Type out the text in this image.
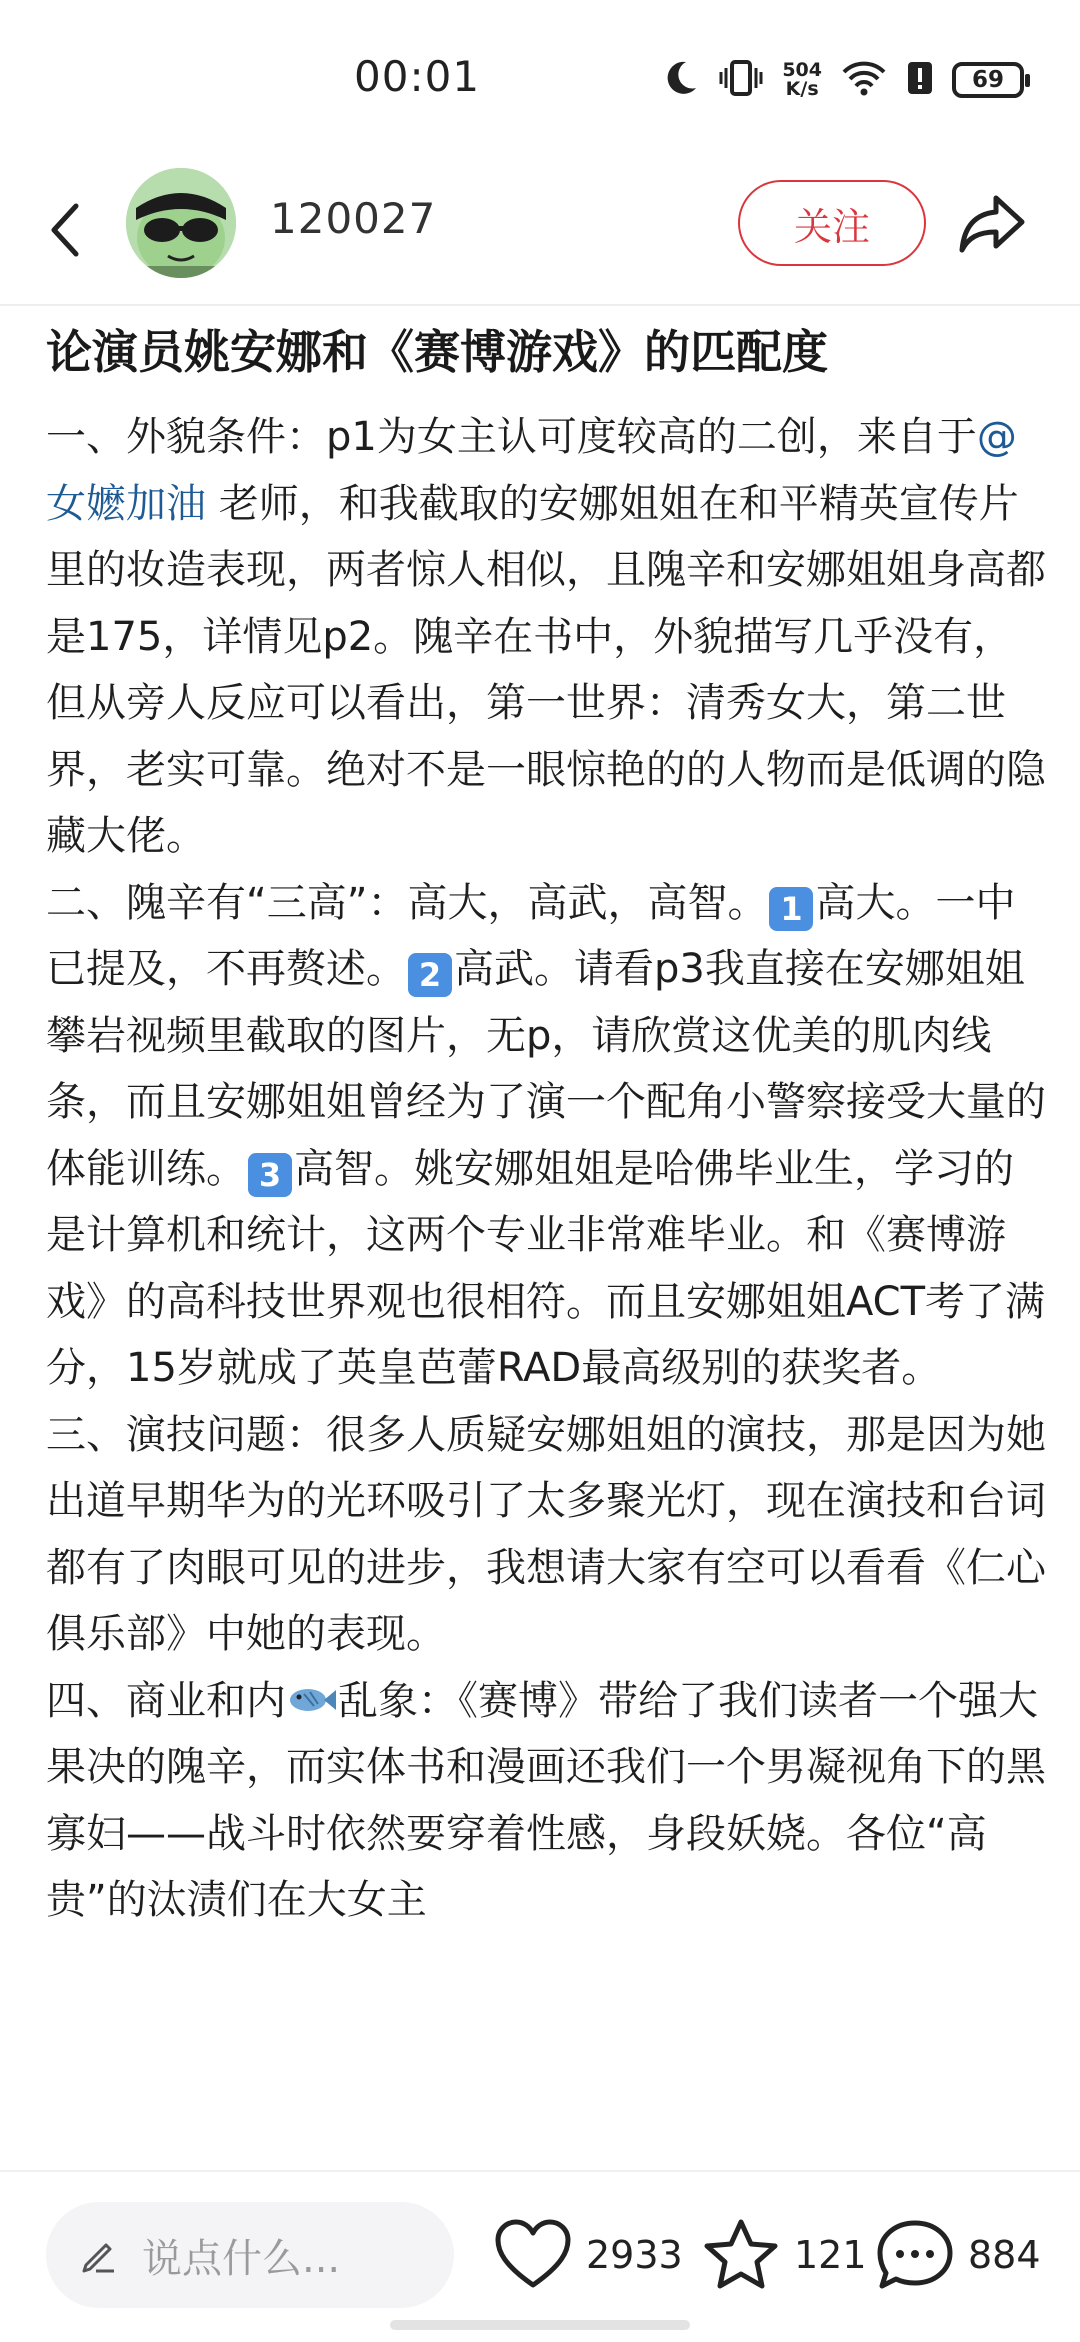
00:01	504
K/s	69
120027	关注
论演员姚安娜和《赛博游戏》的匹配度

一、外貌条件：p1为女主认可度较高的二创，来自于@女嬷加油 老师，和我截取的安娜姐姐在和平精英宣传片里的妆造表现，两者惊人相似，且隗辛和安娜姐姐身高都是175，详情见p2。隗辛在书中，外貌描写几乎没有，但从旁人反应可以看出，第一世界：清秀女大，第二世界，老实可靠。绝对不是一眼惊艳的的人物而是低调的隐藏大佬。

二、隗辛有“三高”：高大，高武，高智。 1 高大。一中已提及，不再赘述。 2 高武。请看p3我直接在安娜姐姐攀岩视频里截取的图片，无p，请欣赏这优美的肌肉线条，而且安娜姐姐曾经为了演一个配角小警察接受大量的体能训练。 3 高智。姚安娜姐姐是哈佛毕业生，学习的是计算机和统计，这两个专业非常难毕业。和《赛博游戏》的高科技世界观也很相符。而且安娜姐姐ACT考了满分，15岁就成了英皇芭蕾RAD最高级别的获奖者。

三、演技问题：很多人质疑安娜姐姐的演技，那是因为她出道早期华为的光环吸引了太多聚光灯，现在演技和台词都有了肉眼可见的进步，我想请大家有空可以看看《仁心俱乐部》中她的表现。

四、商业和内 乱象：《赛博》带给了我们读者一个强大果决的隗辛，而实体书和漫画还我们一个男凝视角下的黑寡妇——战斗时依然要穿着性感，身段妖娆。各位“高贵”的汰渍们在大女主

说点什么...	2933	121	884
